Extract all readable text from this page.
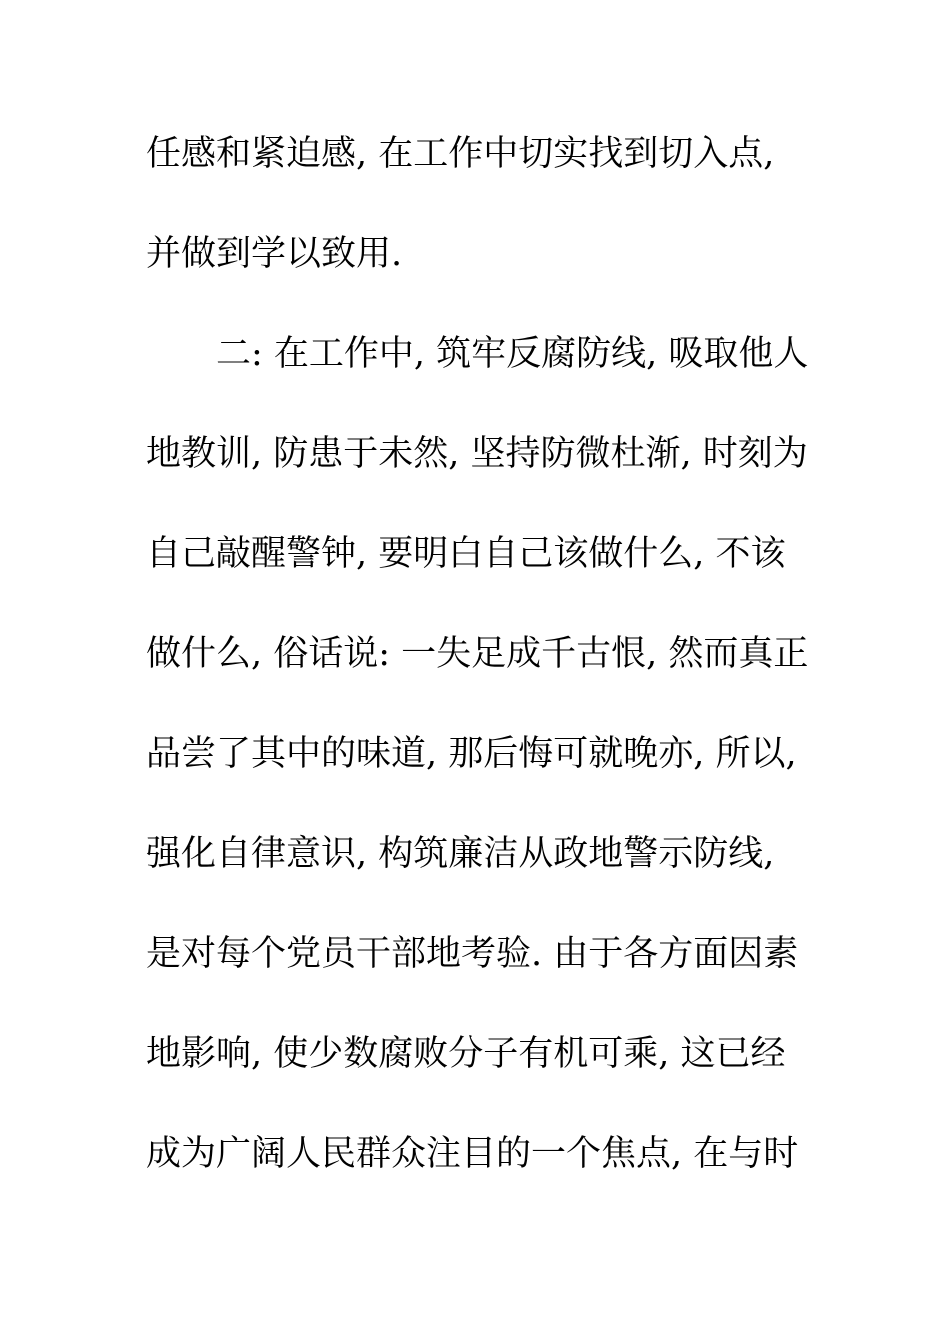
任感和紧迫感, 在工作中切实找到切入点,
并做到学以致用.
二: 在工作中, 筑牢反腐防线, 吸取他人
地教训, 防患于未然, 坚持防微杜渐, 时刻为
自己敲醒警钟, 要明白自己该做什么, 不该
做什么, 俗话说: 一失足成千古恨, 然而真正
品尝了其中的味道, 那后悔可就晚亦, 所以,
强化自律意识, 构筑廉洁从政地警示防线,
是对每个党员干部地考验. 由于各方面因素
地影响, 使少数腐败分子有机可乘, 这已经
成为广阔人民群众注目的一个焦点, 在与时
